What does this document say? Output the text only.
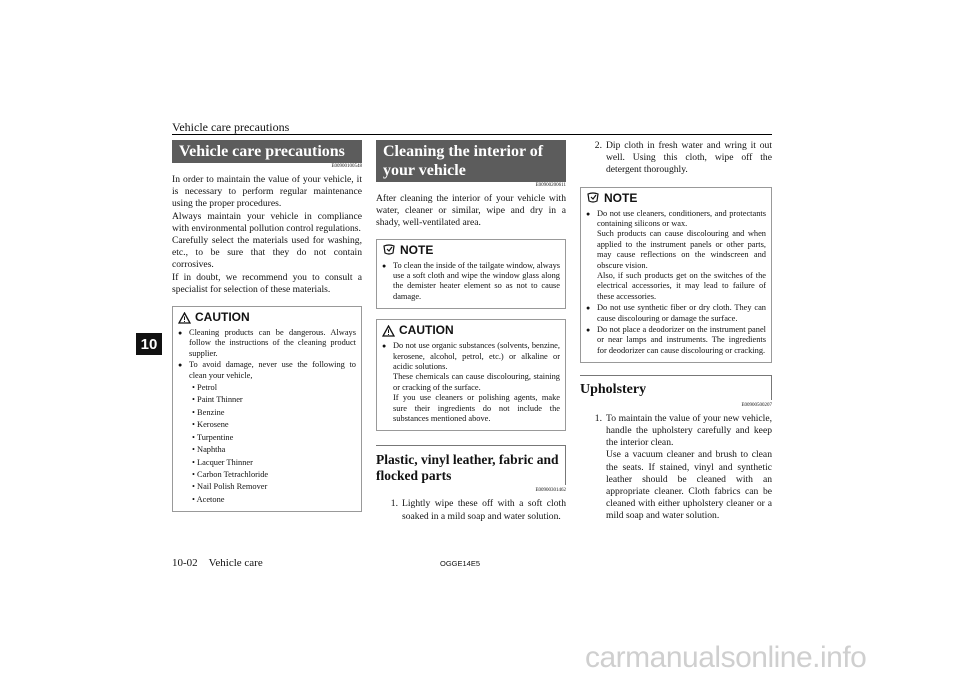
Vehicle care precautions
10
Vehicle care precautions
E00900100548

In order to maintain the value of your vehicle, it is necessary to perform regular maintenance using the proper procedures.

Always maintain your vehicle in compliance with environmental pollution control regulations.

Carefully select the materials used for washing, etc., to be sure that they do not contain corrosives.

If in doubt, we recommend you to consult a specialist for selection of these materials.

CAUTION
● Cleaning products can be dangerous. Always follow the instructions of the cleaning product supplier.
● To avoid damage, never use the following to clean your vehicle,
• Petrol
• Paint Thinner
• Benzine
• Kerosene
• Turpentine
• Naphtha
• Lacquer Thinner
• Carbon Tetrachloride
• Nail Polish Remover
• Acetone
Cleaning the interior of your vehicle
E00900200611

After cleaning the interior of your vehicle with water, cleaner or similar, wipe and dry in a shady, well-ventilated area.

NOTE
● To clean the inside of the tailgate window, always use a soft cloth and wipe the window glass along the demister heater element so as not to cause damage.
CAUTION
● Do not use organic substances (solvents, benzine, kerosene, alcohol, petrol, etc.) or alkaline or acidic solutions.
These chemicals can cause discolouring, staining or cracking of the surface.
If you use cleaners or polishing agents, make sure their ingredients do not include the substances mentioned above.
Plastic, vinyl leather, fabric and flocked parts
E00900301462
1. Lightly wipe these off with a soft cloth soaked in a mild soap and water solution.
2. Dip cloth in fresh water and wring it out well. Using this cloth, wipe off the detergent thoroughly.
NOTE
● Do not use cleaners, conditioners, and protectants containing silicons or wax.
Such products can cause discolouring and when applied to the instrument panels or other parts, may cause reflections on the windscreen and obscure vision.
Also, if such products get on the switches of the electrical accessories, it may lead to failure of these accessories.
● Do not use synthetic fiber or dry cloth. They can cause discolouring or damage the surface.
● Do not place a deodorizer on the instrument panel or near lamps and instruments. The ingredients for deodorizer can cause discolouring or cracking.
Upholstery
E00900500207
1. To maintain the value of your new vehicle, handle the upholstery carefully and keep the interior clean.
Use a vacuum cleaner and brush to clean the seats. If stained, vinyl and synthetic leather should be cleaned with an appropriate cleaner. Cloth fabrics can be cleaned with either upholstery cleaner or a mild soap and water solution.
10-02 Vehicle care	OGGE14E5
carmanualsonline.info
